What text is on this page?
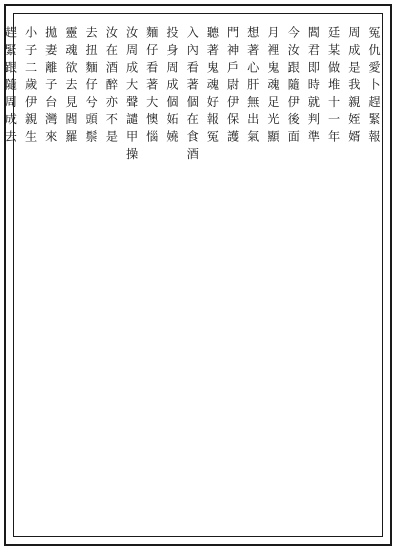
冤仇愛卜趕緊報

周成是我親姪婿

廷某做堆十一年

閻君即時就判準

今汝跟隨伊後面

月裡鬼魂足光顯

想著心肝無出氣

門神戶尉伊保護

聽著鬼魂好報冤

入內看著個在食酒

投身周成個妬嬈

麵仔看著大懊惱

汝周成大聲譴甲操

汝在酒醉亦不是

去扭麵仔兮頭鬃

靈魂欲去見閻羅

拋妻離子台灣來

小子二歲伊親生

趕緊跟隨周成去
